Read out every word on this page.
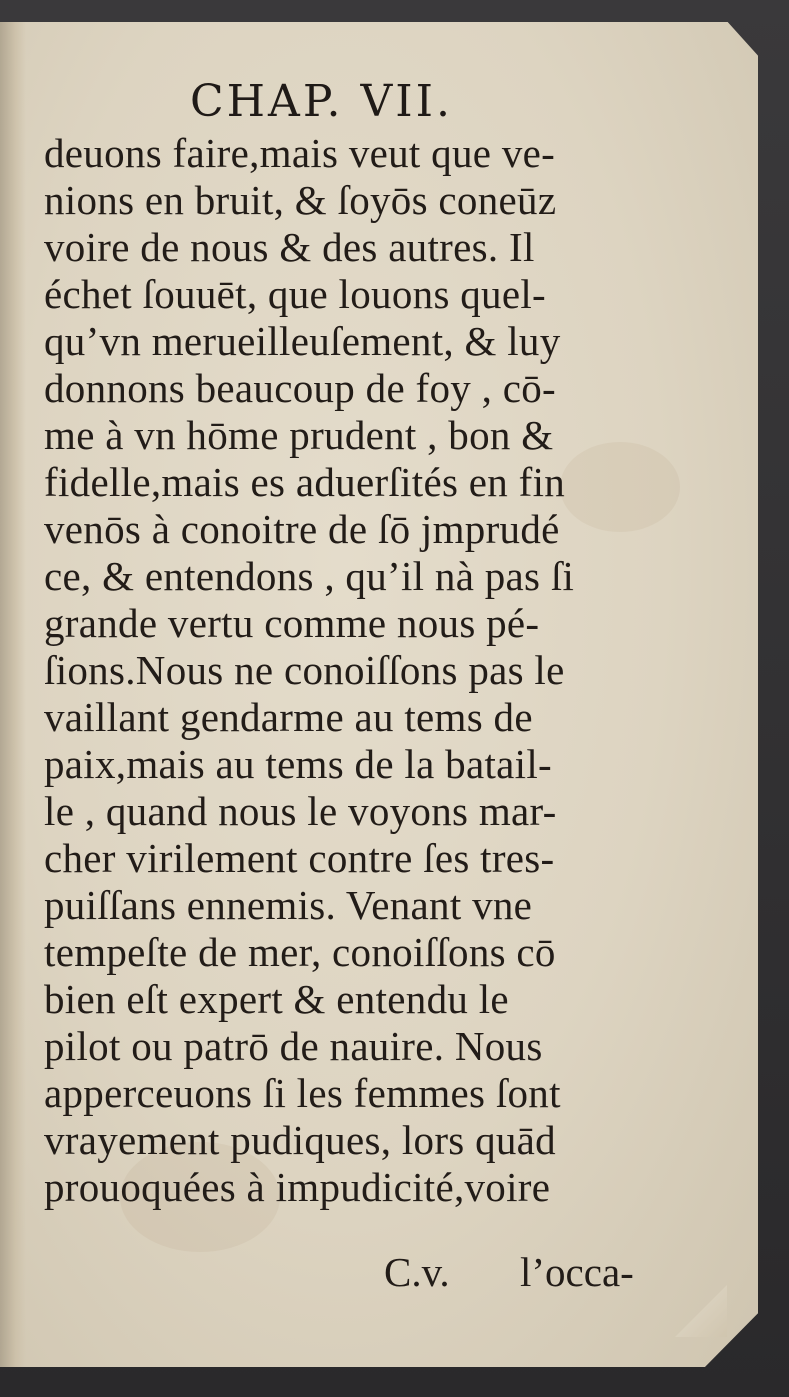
CHAP. VII.
deuons faire,mais veut que ve-
nions en bruit, & ſoyōs coneūz
voire de nous & des autres. Il
échet ſouuēt, que louons quel-
qu’vn merueilleuſement, & luy
donnons beaucoup de foy , cō-
me à vn hōme prudent , bon &
fidelle,mais es aduerſités en fin
venōs à conoitre de ſō jmprudé
ce, & entendons , qu’il nà pas ſi
grande vertu comme nous pé-
ſions.Nous ne conoiſſons pas le
vaillant gendarme au tems de
paix,mais au tems de la batail-
le , quand nous le voyons mar-
cher virilement contre ſes tres-
puiſſans ennemis. Venant vne
tempeſte de mer, conoiſſons cō
bien eſt expert & entendu le
pilot ou patrō de nauire. Nous
apperceuons ſi les femmes ſont
vrayement pudiques, lors quād
prouoquées à impudicité,voire
C.v. l’occa-
